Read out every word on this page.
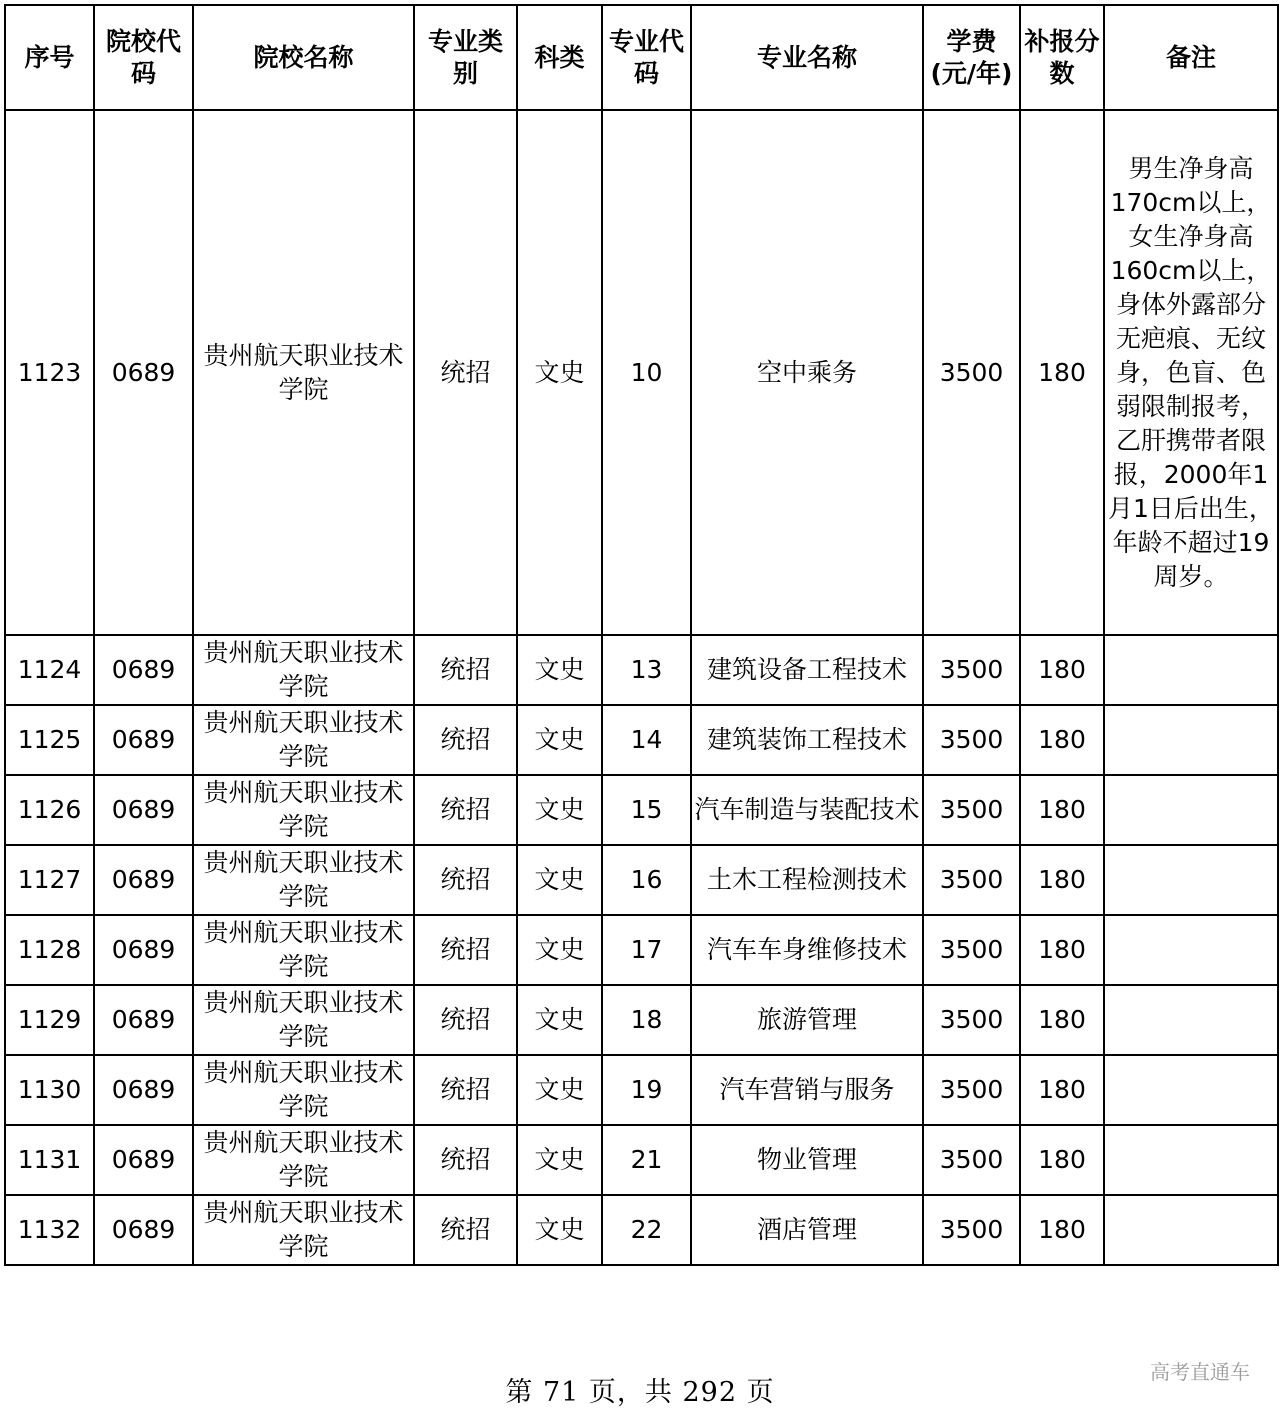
序号	院校代码	院校名称	专业类别	科类	专业代码	专业名称	学费(元/年)	补报分数	备注
1123	0689	贵州航天职业技术学院	统招	文史	10	空中乘务	3500	180	男生净身高170cm以上，女生净身高160cm以上，身体外露部分无疤痕、无纹身，色盲、色弱限制报考，乙肝携带者限报，2000年1月1日后出生，年龄不超过19周岁。
1124	0689	贵州航天职业技术学院	统招	文史	13	建筑设备工程技术	3500	180	
1125	0689	贵州航天职业技术学院	统招	文史	14	建筑装饰工程技术	3500	180	
1126	0689	贵州航天职业技术学院	统招	文史	15	汽车制造与装配技术	3500	180	
1127	0689	贵州航天职业技术学院	统招	文史	16	土木工程检测技术	3500	180	
1128	0689	贵州航天职业技术学院	统招	文史	17	汽车车身维修技术	3500	180	
1129	0689	贵州航天职业技术学院	统招	文史	18	旅游管理	3500	180	
1130	0689	贵州航天职业技术学院	统招	文史	19	汽车营销与服务	3500	180	
1131	0689	贵州航天职业技术学院	统招	文史	21	物业管理	3500	180	
1132	0689	贵州航天职业技术学院	统招	文史	22	酒店管理	3500	180	
第 71 页，共 292 页
高考直通车
